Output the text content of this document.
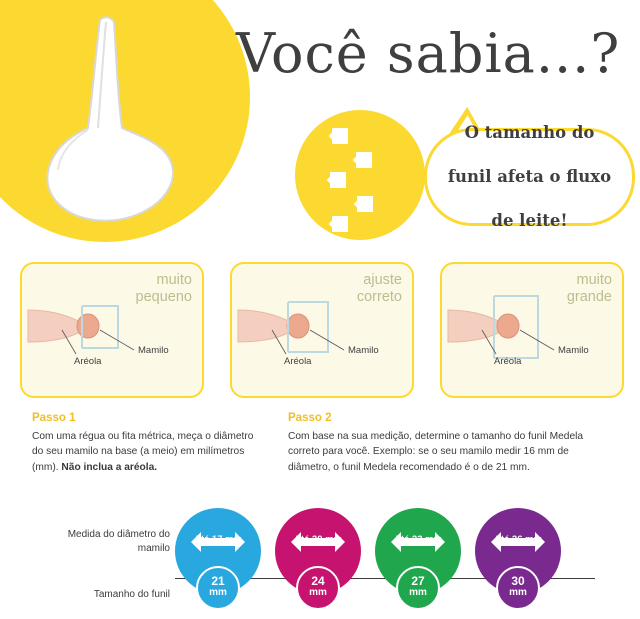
Você sabia...?
O tamanho do

funil afeta o fluxo

de leite!
muito
pequeno
Mamilo
Aréola
ajuste
correto
Mamilo
Aréola
muito
grande
Mamilo
Aréola

Passo 1

Com uma régua ou fita métrica, meça o diâmetro do seu mamilo na base (a meio) em milímetros (mm). Não inclua a aréola.

Passo 2

Com base na sua medição, determine o tamanho do funil Medela correto para você. Exemplo: se o seu mamilo medir 16 mm de diâmetro, o funil Medela recomendado é o de 21 mm.

Medida do diâmetro do mamilo
Tamanho do funil
Até 17 mm
21
mm
Até 20 mm
24
mm
Até 23 mm
27
mm
Até 26 mm
30
mm
